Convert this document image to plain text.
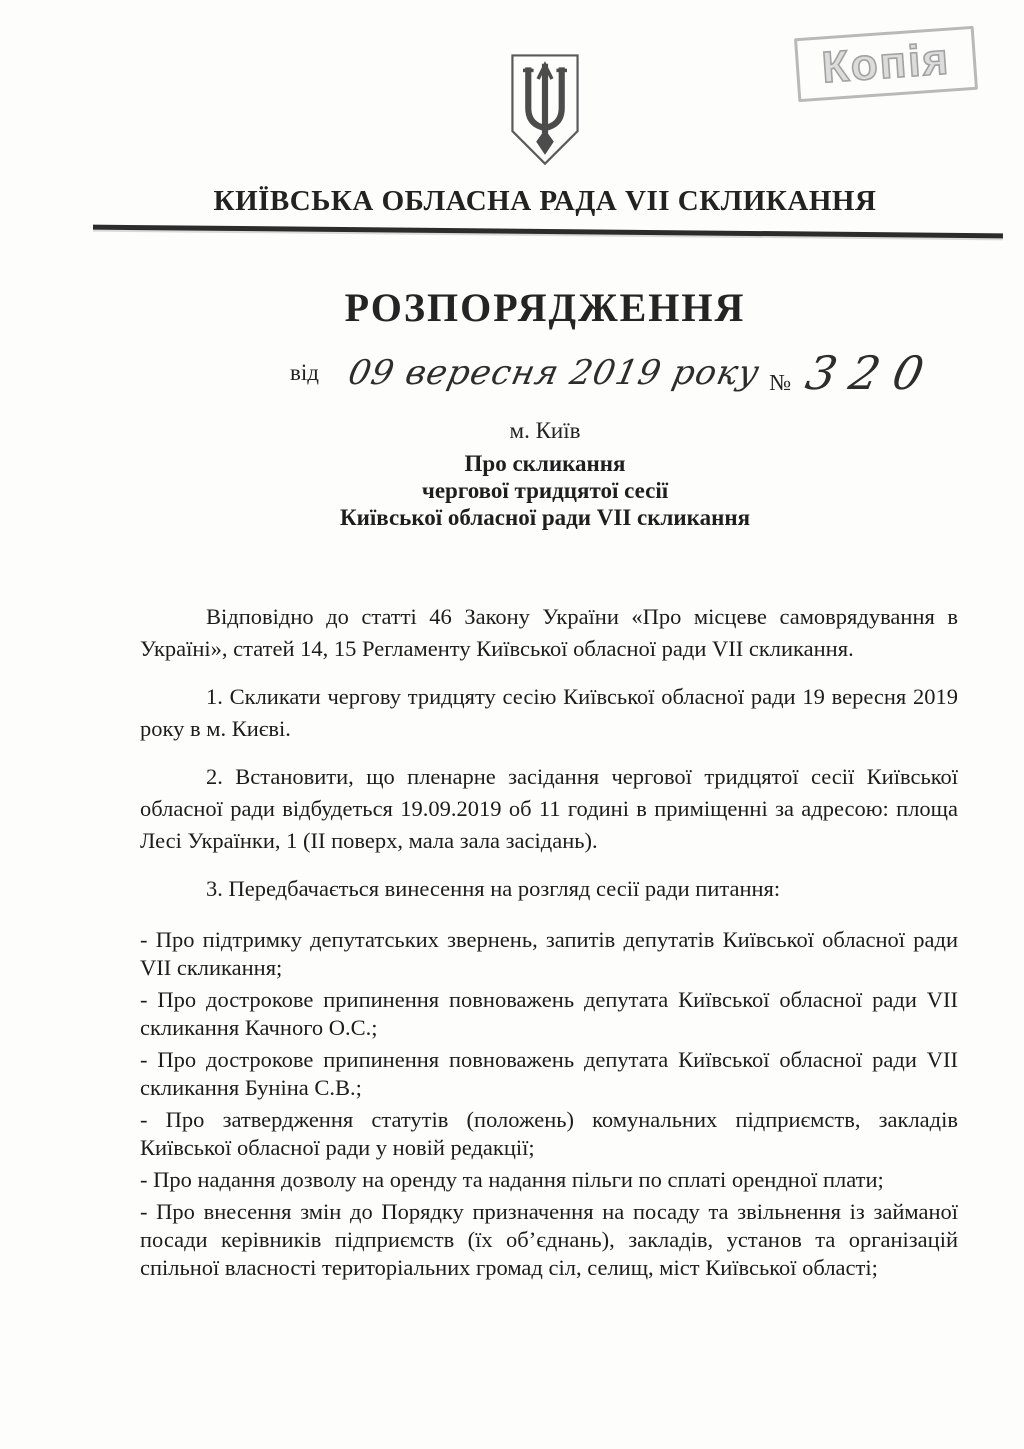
Копія
КИЇВСЬКА ОБЛАСНА РАДА VII СКЛИКАННЯ
РОЗПОРЯДЖЕННЯ
від 09 вересня 2019 року № 320
м. Київ
Про скликання
чергової тридцятої сесії
Київської обласної ради VII скликання

Відповідно до статті 46 Закону України «Про місцеве самоврядування в Україні», статей 14, 15 Регламенту Київської обласної ради VII скликання.

1. Скликати чергову тридцяту сесію Київської обласної ради 19 вересня 2019 року в м. Києві.

2. Встановити, що пленарне засідання чергової тридцятої сесії Київської обласної ради відбудеться 19.09.2019 об 11 годині в приміщенні за адресою: площа Лесі Українки, 1 (ІІ поверх, мала зала засідань).

3. Передбачається винесення на розгляд сесії ради питання:

- Про підтримку депутатських звернень, запитів депутатів Київської обласної ради VII скликання;

- Про дострокове припинення повноважень депутата Київської обласної ради VII скликання Качного О.С.;

- Про дострокове припинення повноважень депутата Київської обласної ради VII скликання Буніна С.В.;

- Про затвердження статутів (положень) комунальних підприємств, закладів Київської обласної ради у новій редакції;

- Про надання дозволу на оренду та надання пільги по сплаті орендної плати;

- Про внесення змін до Порядку призначення на посаду та звільнення із займаної посади керівників підприємств (їх об’єднань), закладів, установ та організацій спільної власності територіальних громад сіл, селищ, міст Київської області;
